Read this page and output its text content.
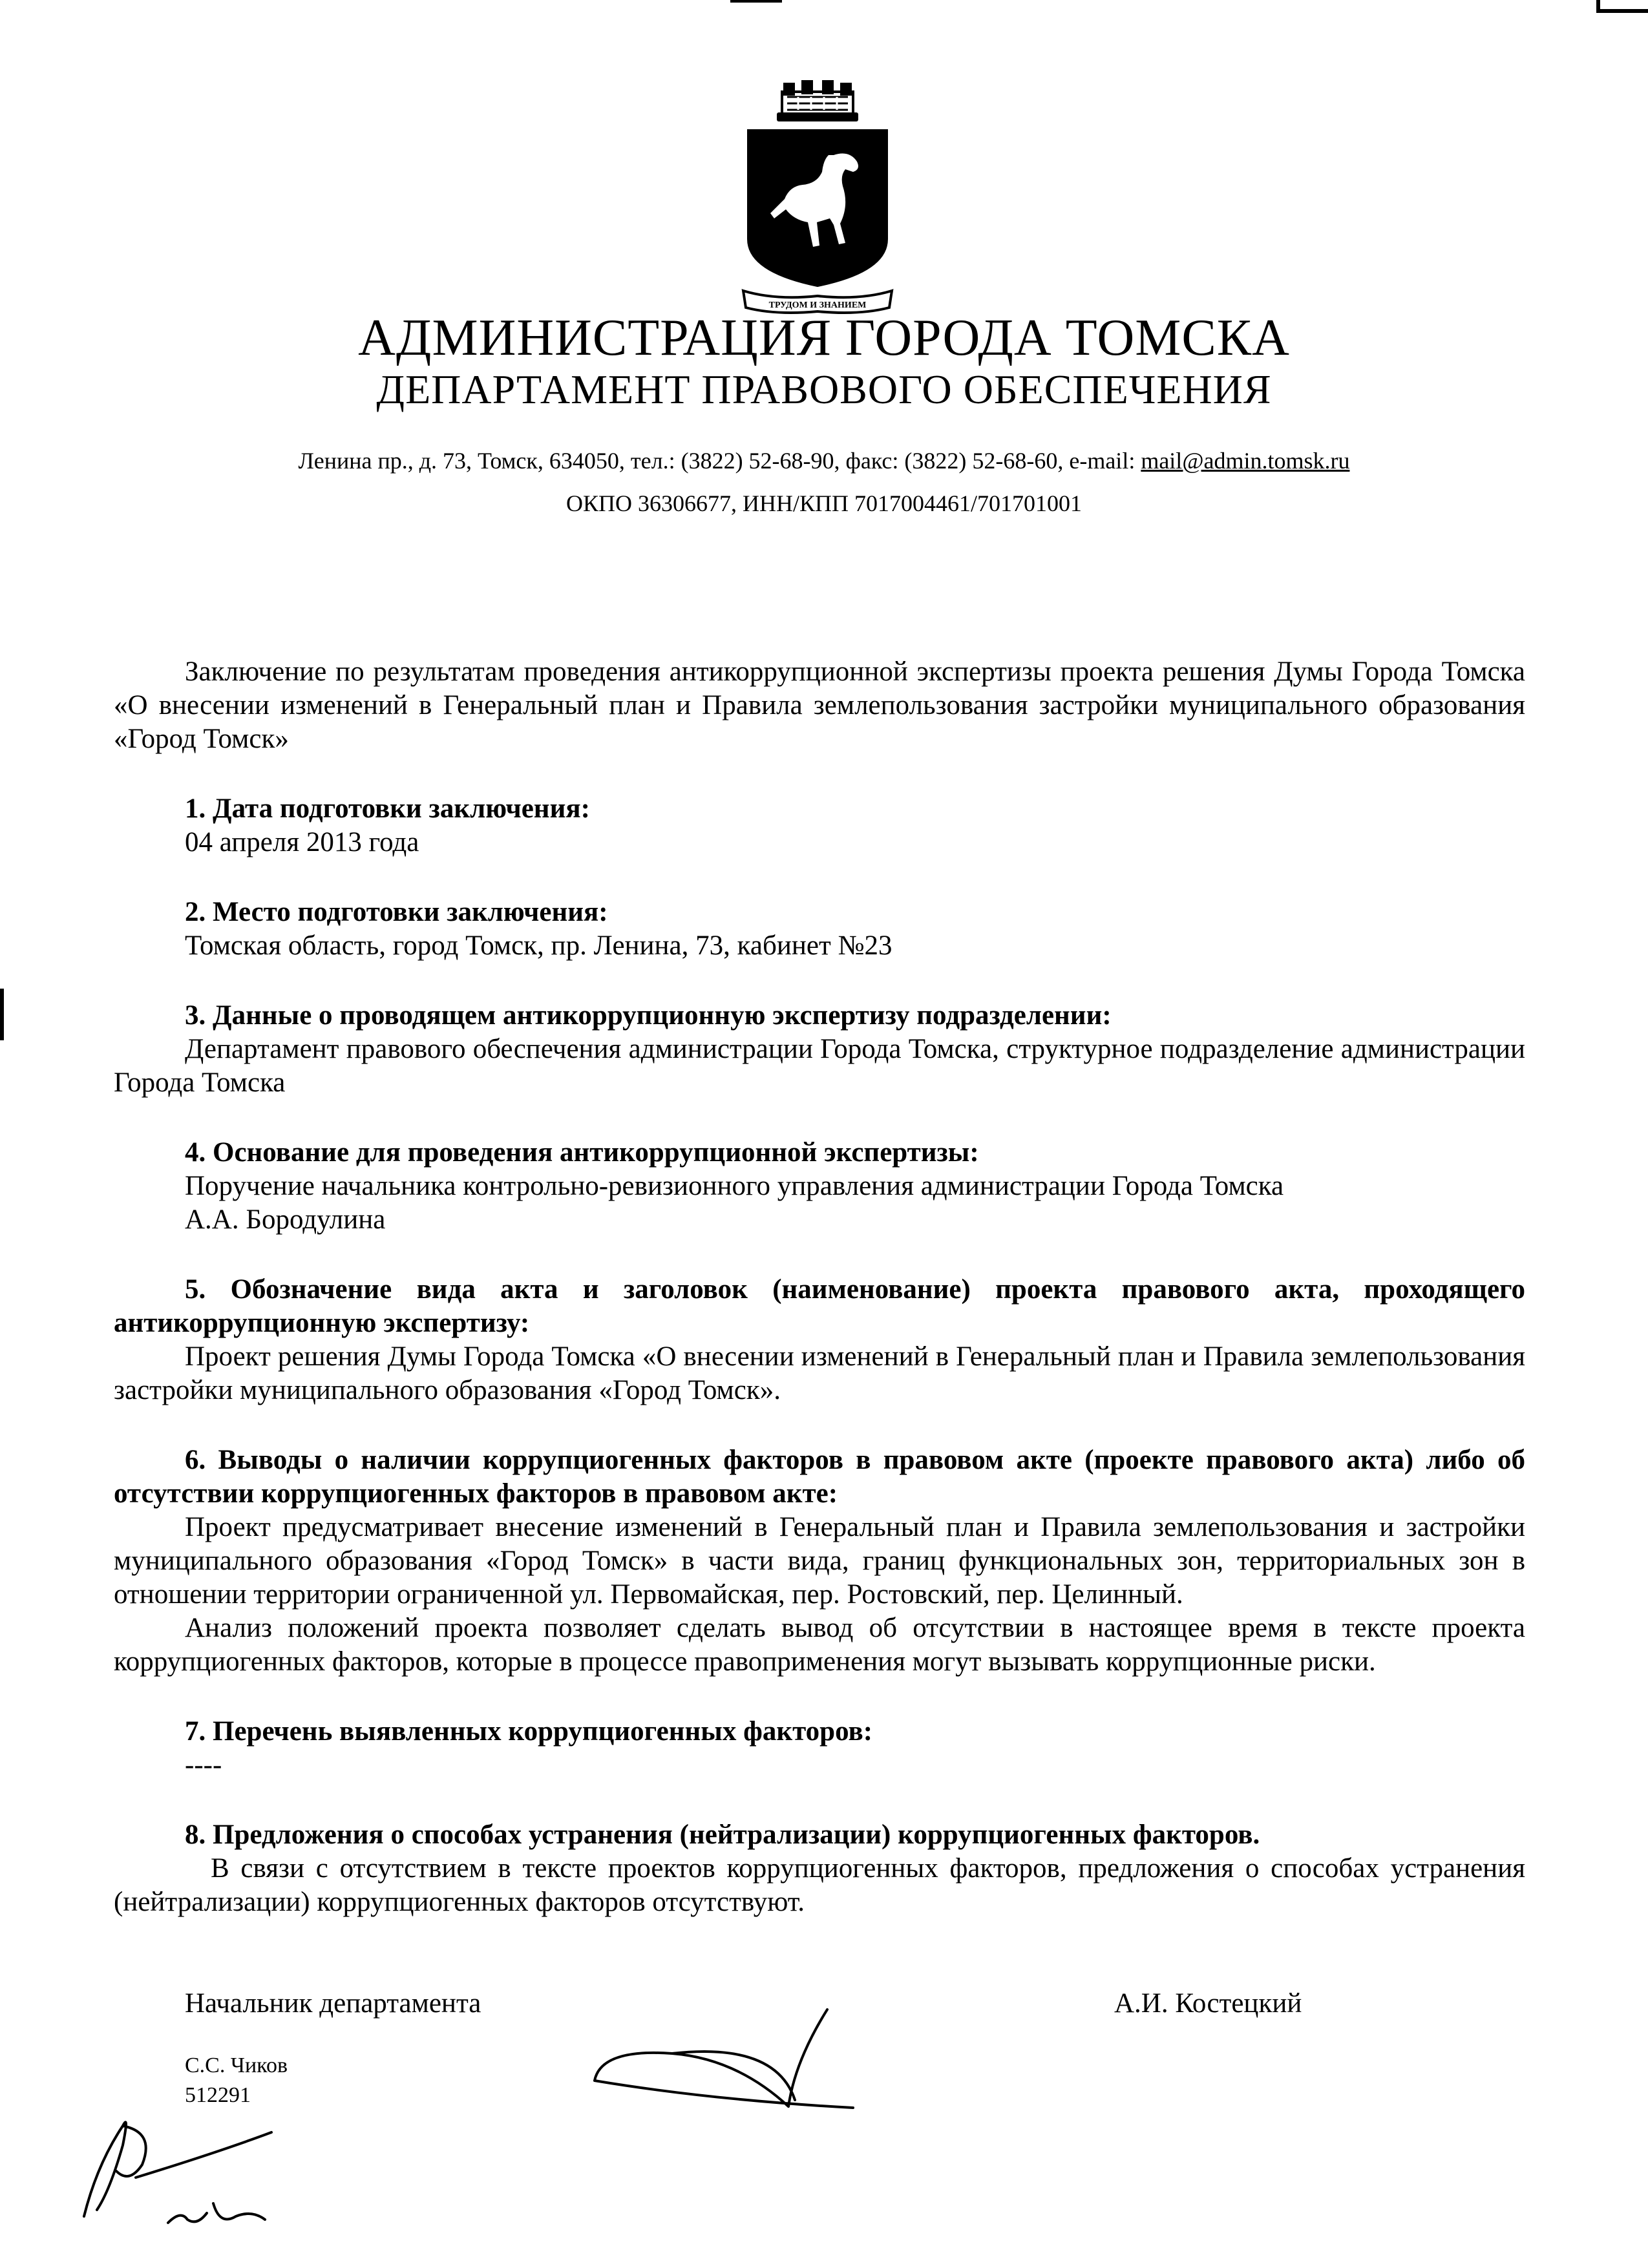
ТРУДОМ И ЗНАНИЕМ
АДМИНИСТРАЦИЯ ГОРОДА ТОМСКА
ДЕПАРТАМЕНТ ПРАВОВОГО ОБЕСПЕЧЕНИЯ
Ленина пр., д. 73, Томск, 634050, тел.: (3822) 52-68-90, факс: (3822) 52-68-60, e-mail: mail@admin.tomsk.ru
ОКПО 36306677, ИНН/КПП 7017004461/701701001

Заключение по результатам проведения антикоррупционной экспертизы проекта решения Думы Города Томска «О внесении изменений в Генеральный план и Правила землепользования застройки муниципального образования «Город Томск»

1. Дата подготовки заключения:

04 апреля 2013 года

2. Место подготовки заключения:

Томская область, город Томск, пр. Ленина, 73, кабинет №23

3. Данные о проводящем антикоррупционную экспертизу подразделении:

Департамент правового обеспечения администрации Города Томска, структурное подразделение администрации Города Томска

4. Основание для проведения антикоррупционной экспертизы:

Поручение начальника контрольно-ревизионного управления администрации Города Томска

А.А. Бородулина

5. Обозначение вида акта и заголовок (наименование) проекта правового акта, проходящего антикоррупционную экспертизу:

Проект решения Думы Города Томска «О внесении изменений в Генеральный план и Правила землепользования застройки муниципального образования «Город Томск».

6. Выводы о наличии коррупциогенных факторов в правовом акте (проекте правового акта) либо об отсутствии коррупциогенных факторов в правовом акте:

Проект предусматривает внесение изменений в Генеральный план и Правила землепользования и застройки муниципального образования «Город Томск» в части вида, границ функциональных зон, территориальных зон в отношении территории ограниченной ул. Первомайская, пер. Ростовский, пер. Целинный.

Анализ положений проекта позволяет сделать вывод об отсутствии в настоящее время в тексте проекта коррупциогенных факторов, которые в процессе правоприменения могут вызывать коррупционные риски.

7. Перечень выявленных коррупциогенных факторов:

----

8. Предложения о способах устранения (нейтрализации) коррупциогенных факторов.

В связи с отсутствием в тексте проектов коррупциогенных факторов, предложения о способах устранения (нейтрализации) коррупциогенных факторов отсутствуют.

Начальник департамента	А.И. Костецкий
С.С. Чиков
512291
